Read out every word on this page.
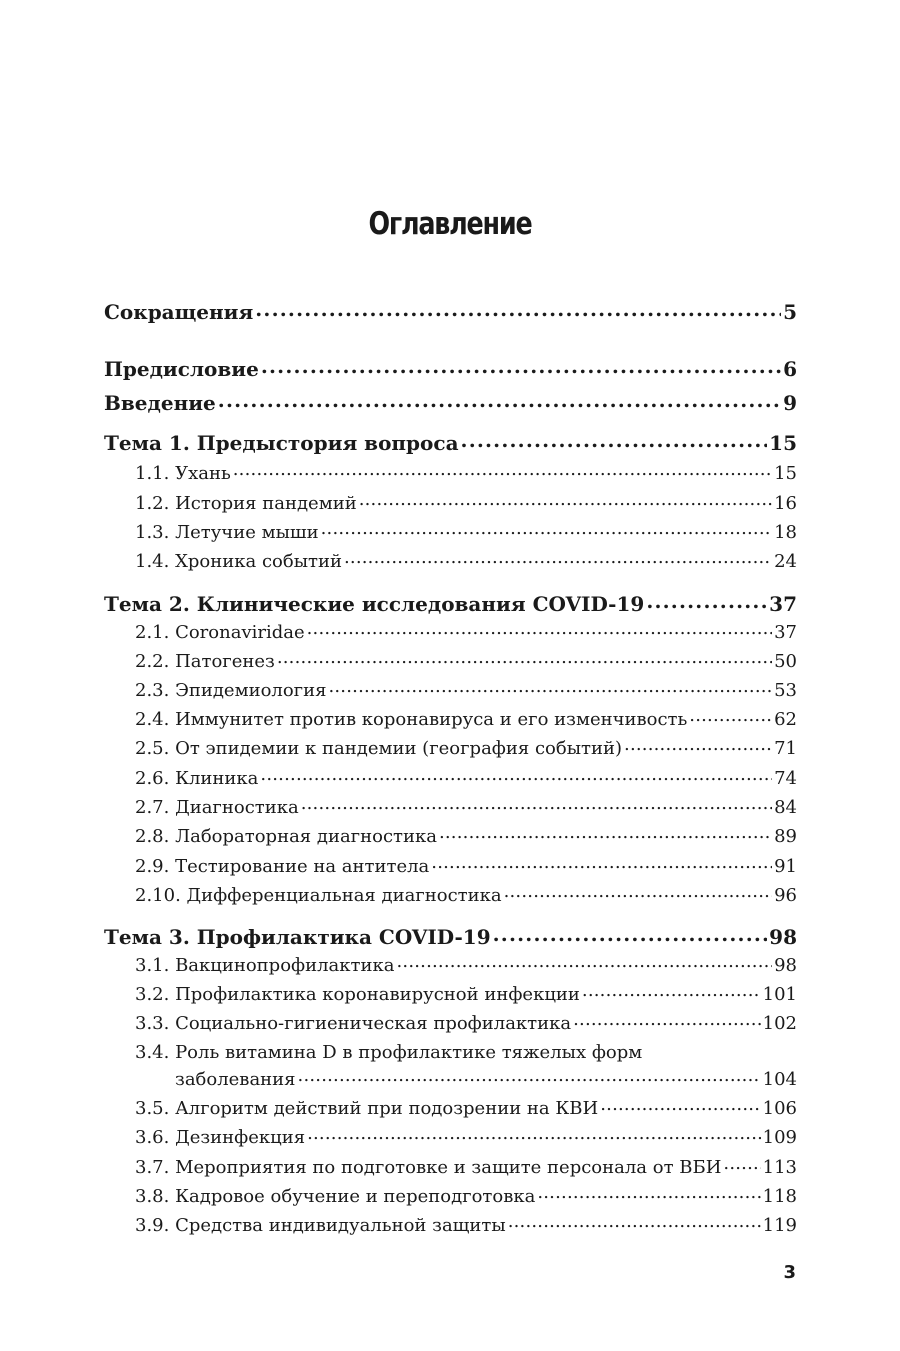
Оглавление
Сокращения .....	5
Предисловие .....	6
Введение .....	9
Тема 1. Предыстория вопроса .....	15
1.1. Ухань .....	15
1.2. История пандемий .....	16
1.3. Летучие мыши .....	18
1.4. Хроника событий .....	24
Тема 2. Клинические исследования COVID-19 .....	37
2.1. Coronaviridae .....	37
2.2. Патогенез .....	50
2.3. Эпидемиология .....	53
2.4. Иммунитет против коронавируса и его изменчивость .....	62
2.5. От эпидемии к пандемии (география событий) .....	71
2.6. Клиника .....	74
2.7. Диагностика .....	84
2.8. Лабораторная диагностика .....	89
2.9. Тестирование на антитела .....	91
2.10. Дифференциальная диагностика .....	96
Тема 3. Профилактика COVID-19 .....	98
3.1. Вакцинопрофилактика .....	98
3.2. Профилактика коронавирусной инфекции .....	101
3.3. Социально-гигиеническая профилактика .....	102
3.4. Роль витамина D в профилактике тяжелых форм
заболевания .....	104
3.5. Алгоритм действий при подозрении на КВИ .....	106
3.6. Дезинфекция .....	109
3.7. Мероприятия по подготовке и защите персонала от ВБИ ..... 113
3.8. Кадровое обучение и переподготовка .....	118
3.9. Средства индивидуальной защиты .....	119
3
